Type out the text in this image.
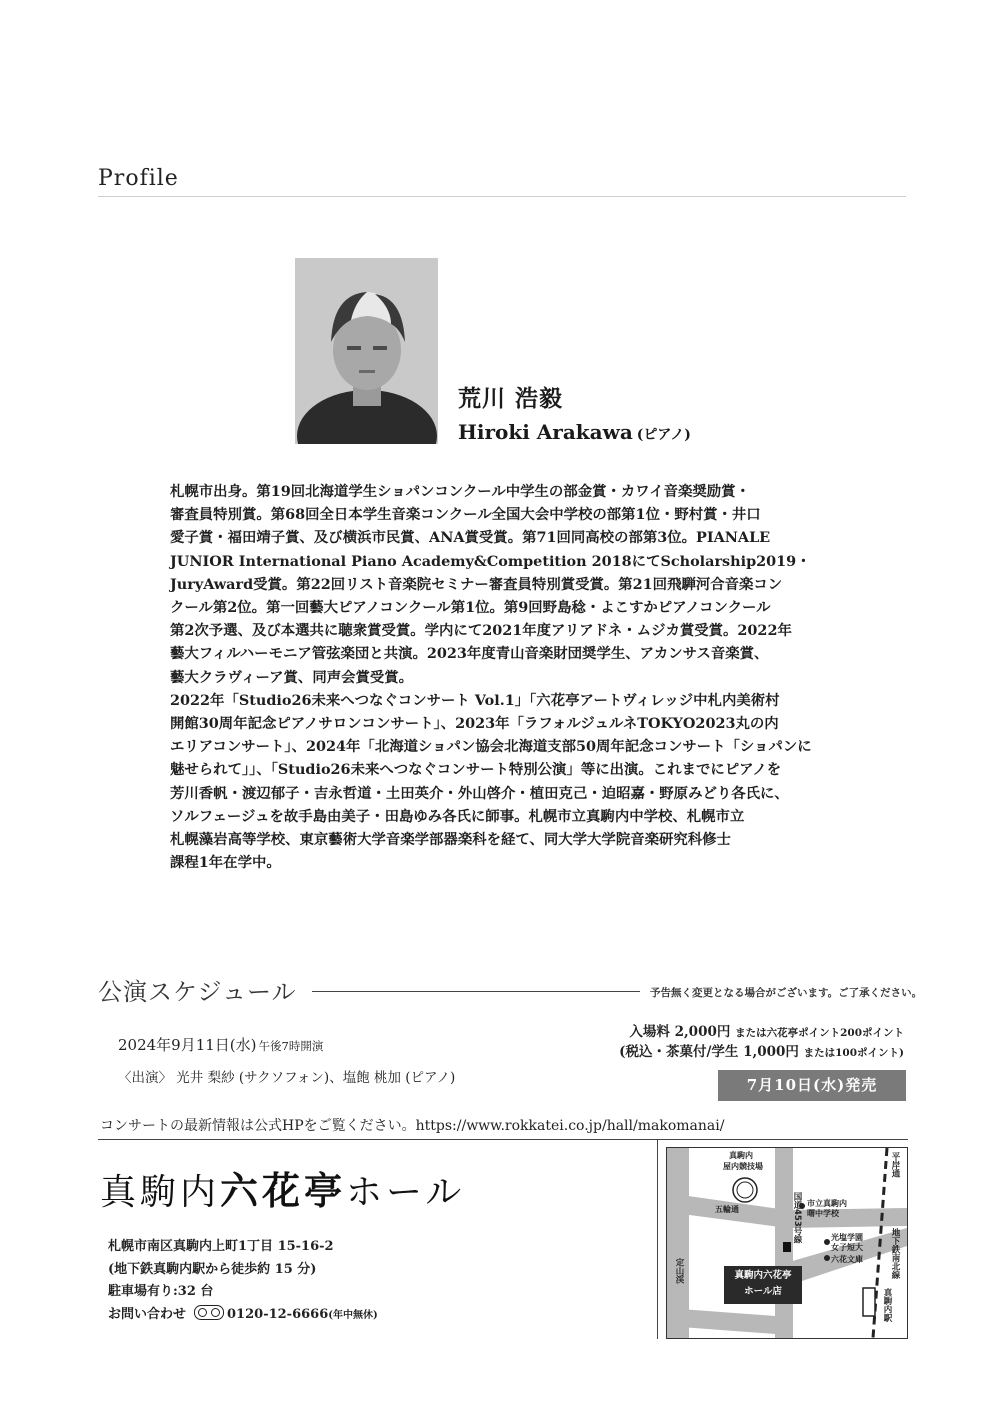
Profile
荒川 浩毅
Hiroki Arakawa (ピアノ)

札幌市出身。第19回北海道学生ショパンコンクール中学生の部金賞・カワイ音楽奨励賞・

審査員特別賞。第68回全日本学生音楽コンクール全国大会中学校の部第1位・野村賞・井口

愛子賞・福田靖子賞、及び横浜市民賞、ANA賞受賞。第71回同高校の部第3位。PIANALE

JUNIOR International Piano Academy&Competition 2018にてScholarship2019・

JuryAward受賞。第22回リスト音楽院セミナー審査員特別賞受賞。第21回飛騨河合音楽コン

クール第2位。第一回藝大ピアノコンクール第1位。第9回野島稔・よこすかピアノコンクール

第2次予選、及び本選共に聴衆賞受賞。学内にて2021年度アリアドネ・ムジカ賞受賞。2022年

藝大フィルハーモニア管弦楽団と共演。2023年度青山音楽財団奨学生、アカンサス音楽賞、

藝大クラヴィーア賞、同声会賞受賞。

2022年「Studio26未来へつなぐコンサート Vol.1」「六花亭アートヴィレッジ中札内美術村

開館30周年記念ピアノサロンコンサート」、2023年「ラフォルジュルネTOKYO2023丸の内

エリアコンサート」、2024年「北海道ショパン協会北海道支部50周年記念コンサート「ショパンに

魅せられて」」、「Studio26未来へつなぐコンサート特別公演」等に出演。これまでにピアノを

芳川香帆・渡辺郁子・吉永哲道・土田英介・外山啓介・植田克己・迫昭嘉・野原みどり各氏に、

ソルフェージュを故手島由美子・田島ゆみ各氏に師事。札幌市立真駒内中学校、札幌市立

札幌藻岩高等学校、東京藝術大学音楽学部器楽科を経て、同大学大学院音楽研究科修士

課程1年在学中。

公演スケジュール	予告無く変更となる場合がございます。ご了承ください。
2024年9月11日(水) 午後7時開演
〈出演〉 光井 梨紗 (サクソフォン)、塩飽 桃加 (ピアノ)
入場料 2,000円 または六花亭ポイント200ポイント
(税込・茶菓付/学生 1,000円 または100ポイント)
7月10日(水)発売
コンサートの最新情報は公式HPをご覧ください。https://www.rokkatei.co.jp/hall/makomanai/
真駒内六花亭ホール
札幌市南区真駒内上町1丁目 15-16-2
(地下鉄真駒内駅から徒歩約 15 分)
駐車場有り:32 台
お問い合わせ	0120-12-6666(年中無休)
真駒内
屋内競技場
市立真駒内
曙中学校
五輪通	国道453号線	光塩学園
女子短大
六花文庫
平岸通
地下鉄南北線
定山渓
真駒内駅
真駒内六花亭
ホール店
